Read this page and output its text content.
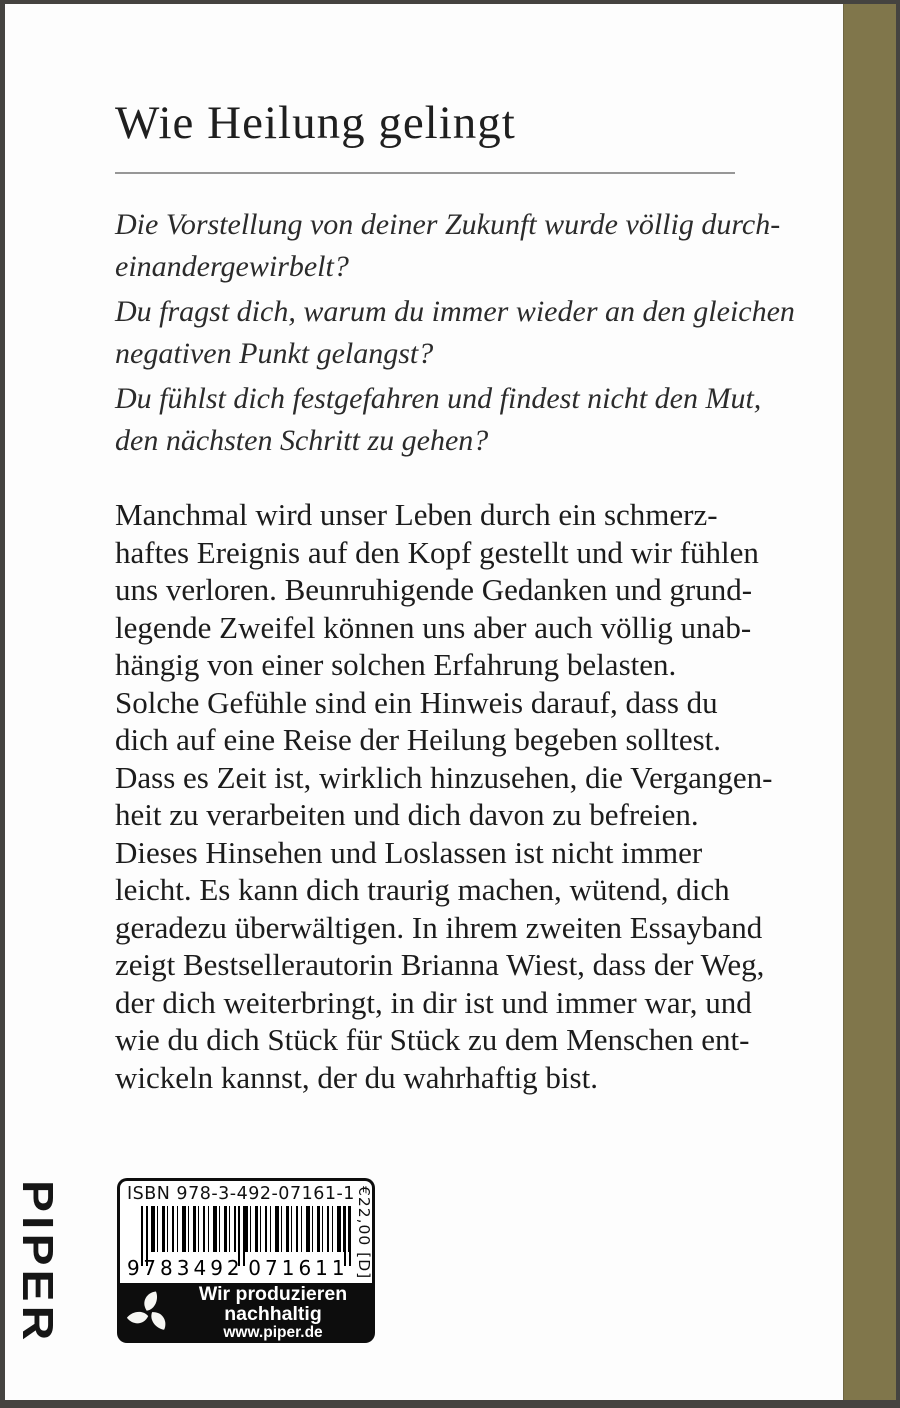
Wie Heilung gelingt
Die Vorstellung von deiner Zukunft wurde völlig durch-
einandergewirbelt?
Du fragst dich, warum du immer wieder an den gleichen
negativen Punkt gelangst?
Du fühlst dich festgefahren und findest nicht den Mut,
den nächsten Schritt zu gehen?
Manchmal wird unser Leben durch ein schmerz-
haftes Ereignis auf den Kopf gestellt und wir fühlen
uns verloren. Beunruhigende Gedanken und grund-
legende Zweifel können uns aber auch völlig unab-
hängig von einer solchen Erfahrung belasten.
Solche Gefühle sind ein Hinweis darauf, dass du
dich auf eine Reise der Heilung begeben solltest.
Dass es Zeit ist, wirklich hinzusehen, die Vergangen-
heit zu verarbeiten und dich davon zu befreien.
Dieses Hinsehen und Loslassen ist nicht immer
leicht. Es kann dich traurig machen, wütend, dich
geradezu überwältigen. In ihrem zweiten Essayband
zeigt Bestsellerautorin Brianna Wiest, dass der Weg,
der dich weiterbringt, in dir ist und immer war, und
wie du dich Stück für Stück zu dem Menschen ent-
wickeln kannst, der du wahrhaftig bist.
ISBN 978-3-492-07161-1
9 783492 071611 €22,00 [D]
Wir produzieren
nachhaltig
www.piper.de
PIPER
